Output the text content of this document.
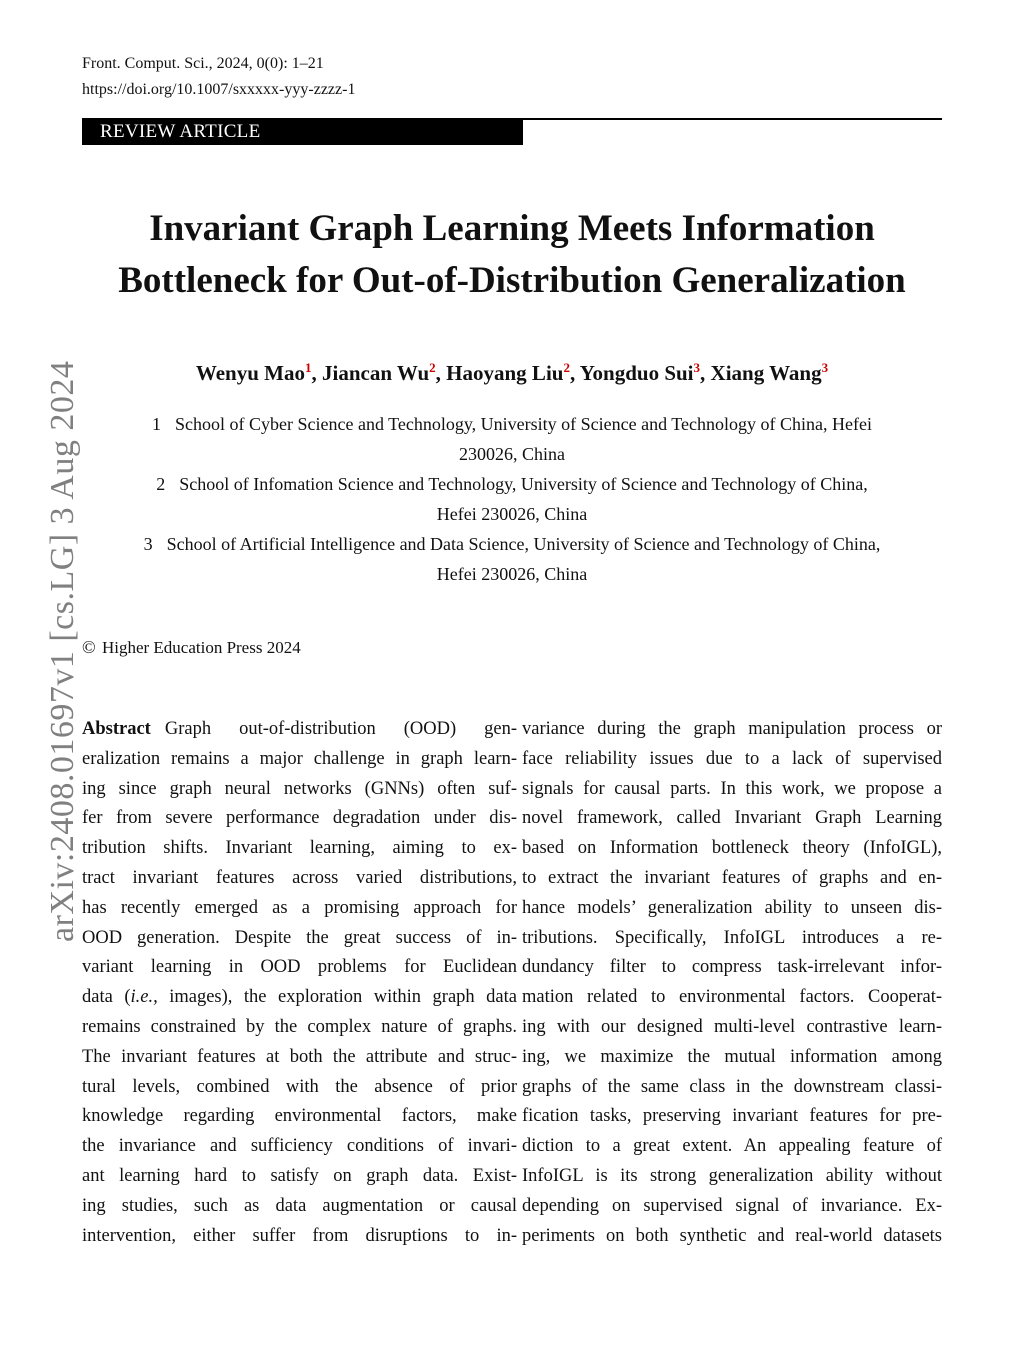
Front. Comput. Sci., 2024, 0(0): 1–21
https://doi.org/10.1007/sxxxxx-yyy-zzzz-1
REVIEW ARTICLE
Invariant Graph Learning Meets Information
Bottleneck for Out-of-Distribution Generalization
Wenyu Mao$^1$, Jiancan Wu$^2$, Haoyang Liu$^2$, Yongduo Sui$^3$, Xiang Wang$^3$
1 School of Cyber Science and Technology, University of Science and Technology of China, Hefei
230026, China
2 School of Infomation Science and Technology, University of Science and Technology of China,
Hefei 230026, China
3 School of Artificial Intelligence and Data Science, University of Science and Technology of China,
Hefei 230026, China
© Higher Education Press 2024
Abstract Graph out-of-distribution (OOD) gen-
eralization remains a major challenge in graph learn-
ing since graph neural networks (GNNs) often suf-
fer from severe performance degradation under dis-
tribution shifts. Invariant learning, aiming to ex-
tract invariant features across varied distributions,
has recently emerged as a promising approach for
OOD generation. Despite the great success of in-
variant learning in OOD problems for Euclidean
data (i.e., images), the exploration within graph data
remains constrained by the complex nature of graphs.
The invariant features at both the attribute and struc-
tural levels, combined with the absence of prior
knowledge regarding environmental factors, make
the invariance and sufficiency conditions of invari-
ant learning hard to satisfy on graph data. Exist-
ing studies, such as data augmentation or causal
intervention, either suffer from disruptions to in-
variance during the graph manipulation process or
face reliability issues due to a lack of supervised
signals for causal parts. In this work, we propose a
novel framework, called Invariant Graph Learning
based on Information bottleneck theory (InfoIGL),
to extract the invariant features of graphs and en-
hance models’ generalization ability to unseen dis-
tributions. Specifically, InfoIGL introduces a re-
dundancy filter to compress task-irrelevant infor-
mation related to environmental factors. Cooperat-
ing with our designed multi-level contrastive learn-
ing, we maximize the mutual information among
graphs of the same class in the downstream classi-
fication tasks, preserving invariant features for pre-
diction to a great extent. An appealing feature of
InfoIGL is its strong generalization ability without
depending on supervised signal of invariance. Ex-
periments on both synthetic and real-world datasets
arXiv:2408.01697v1 [cs.LG] 3 Aug 2024
